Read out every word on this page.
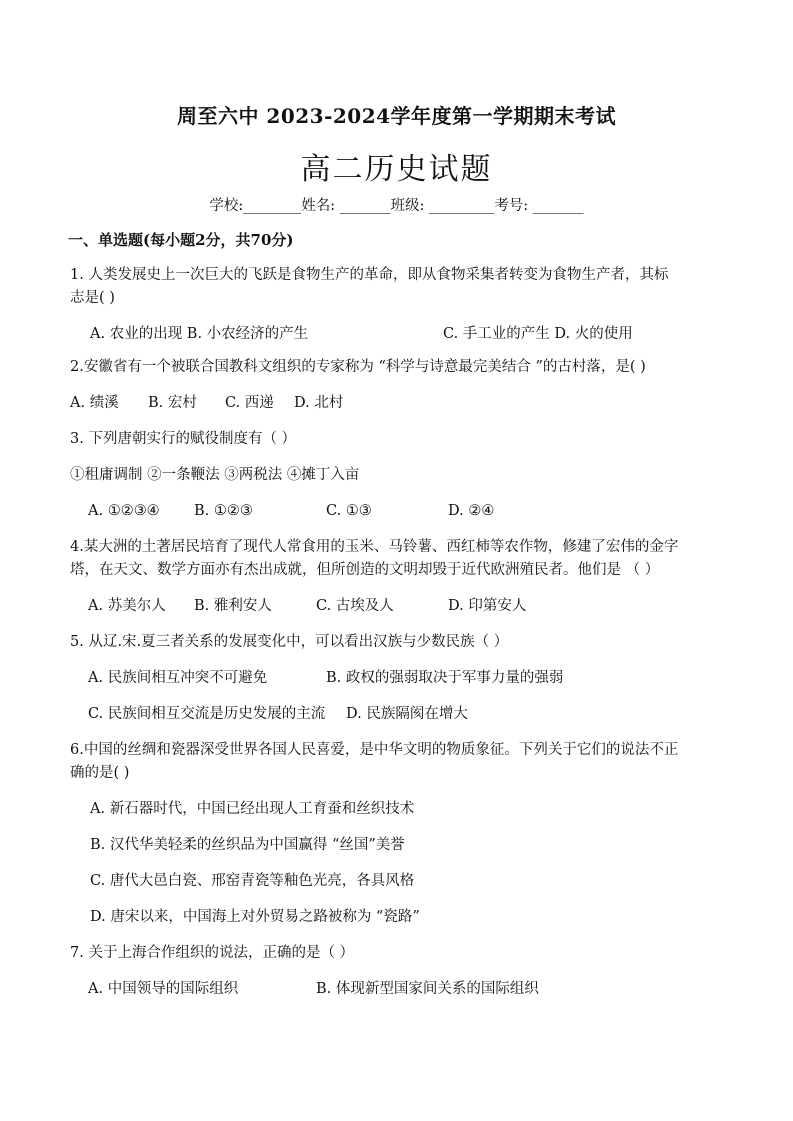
周至六中 2023-2024学年度第一学期期末考试
高二历史试题
学校:________姓名: _______班级: _________考号: _______
一、单选题(每小题2分，共70分)
1. 人类发展史上一次巨大的飞跃是食物生产的革命，即从食物采集者转变为食物生产者，其标
志是( )
A. 农业的出现 B. 小农经济的产生	C. 手工业的产生 D. 火的使用
2.安徽省有一个被联合国教科文组织的专家称为 “科学与诗意最完美结合 ”的古村落，是( )
A. 绩溪 B. 宏村 C. 西递 D. 北村
3. 下列唐朝实行的赋役制度有（ ）
①租庸调制 ②一条鞭法 ③两税法 ④摊丁入亩
A. ①②③④ B. ①②③	C. ①③	D. ②④
4.某大洲的土著居民培育了现代人常食用的玉米、马铃薯、西红柿等农作物，修建了宏伟的金字
塔，在天文、数学方面亦有杰出成就，但所创造的文明却毁于近代欧洲殖民者。他们是 （ ）
A. 苏美尔人 B. 雅利安人	C. 古埃及人	D. 印第安人
5. 从辽.宋.夏三者关系的发展变化中，可以看出汉族与少数民族（ ）
A. 民族间相互冲突不可避免	B. 政权的强弱取决于军事力量的强弱
C. 民族间相互交流是历史发展的主流 D. 民族隔阂在增大
6.中国的丝绸和瓷器深受世界各国人民喜爱，是中华文明的物质象征。下列关于它们的说法不正
确的是( )
A. 新石器时代，中国已经出现人工育蚕和丝织技术
B. 汉代华美轻柔的丝织品为中国赢得 “丝国”美誉
C. 唐代大邑白瓷、邢窑青瓷等釉色光亮，各具风格
D. 唐宋以来，中国海上对外贸易之路被称为 “瓷路”
7. 关于上海合作组织的说法，正确的是（ ）
A. 中国领导的国际组织	B. 体现新型国家间关系的国际组织
